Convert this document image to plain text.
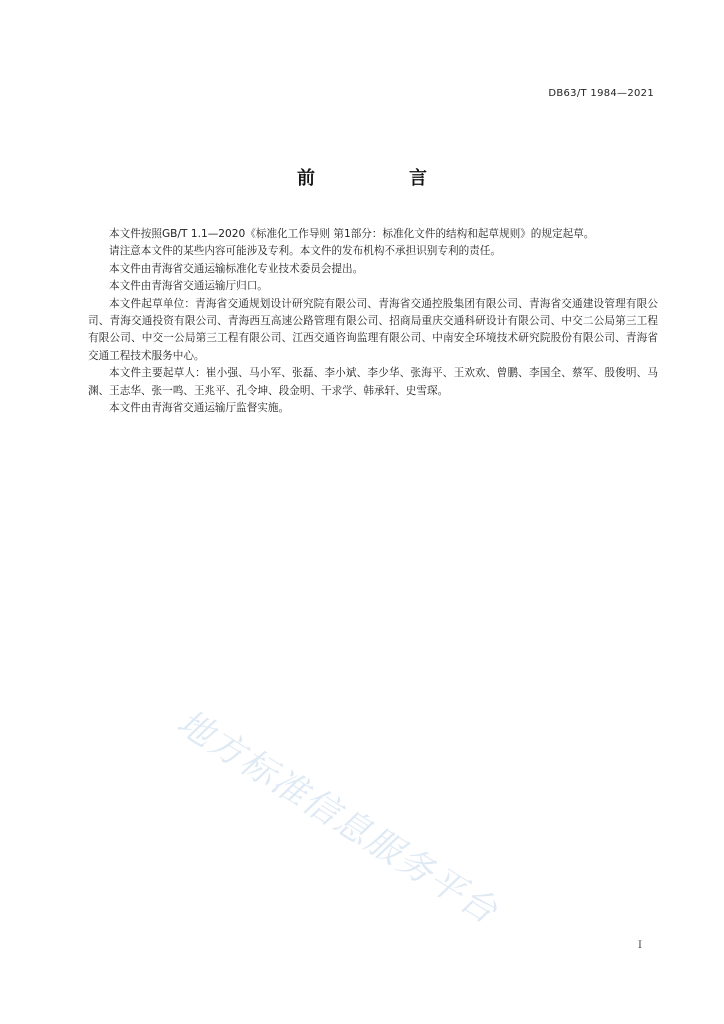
DB63/T 1984—2021
前　言

本文件按照GB/T 1.1—2020《标准化工作导则 第1部分：标准化文件的结构和起草规则》的规定起草。

请注意本文件的某些内容可能涉及专利。本文件的发布机构不承担识别专利的责任。

本文件由青海省交通运输标准化专业技术委员会提出。

本文件由青海省交通运输厅归口。

本文件起草单位：青海省交通规划设计研究院有限公司、青海省交通控股集团有限公司、青海省交通建设管理有限公司、青海交通投资有限公司、青海西互高速公路管理有限公司、招商局重庆交通科研设计有限公司、中交二公局第三工程有限公司、中交一公局第三工程有限公司、江西交通咨询监理有限公司、中南安全环境技术研究院股份有限公司、青海省交通工程技术服务中心。

本文件主要起草人：崔小强、马小军、张磊、李小斌、李少华、张海平、王欢欢、曾鹏、李国全、蔡军、殷俊明、马渊、王志华、张一鸣、王兆平、孔令坤、段金明、干求学、韩承轩、史雪琛。

本文件由青海省交通运输厅监督实施。

地方标准信息服务平台
I
